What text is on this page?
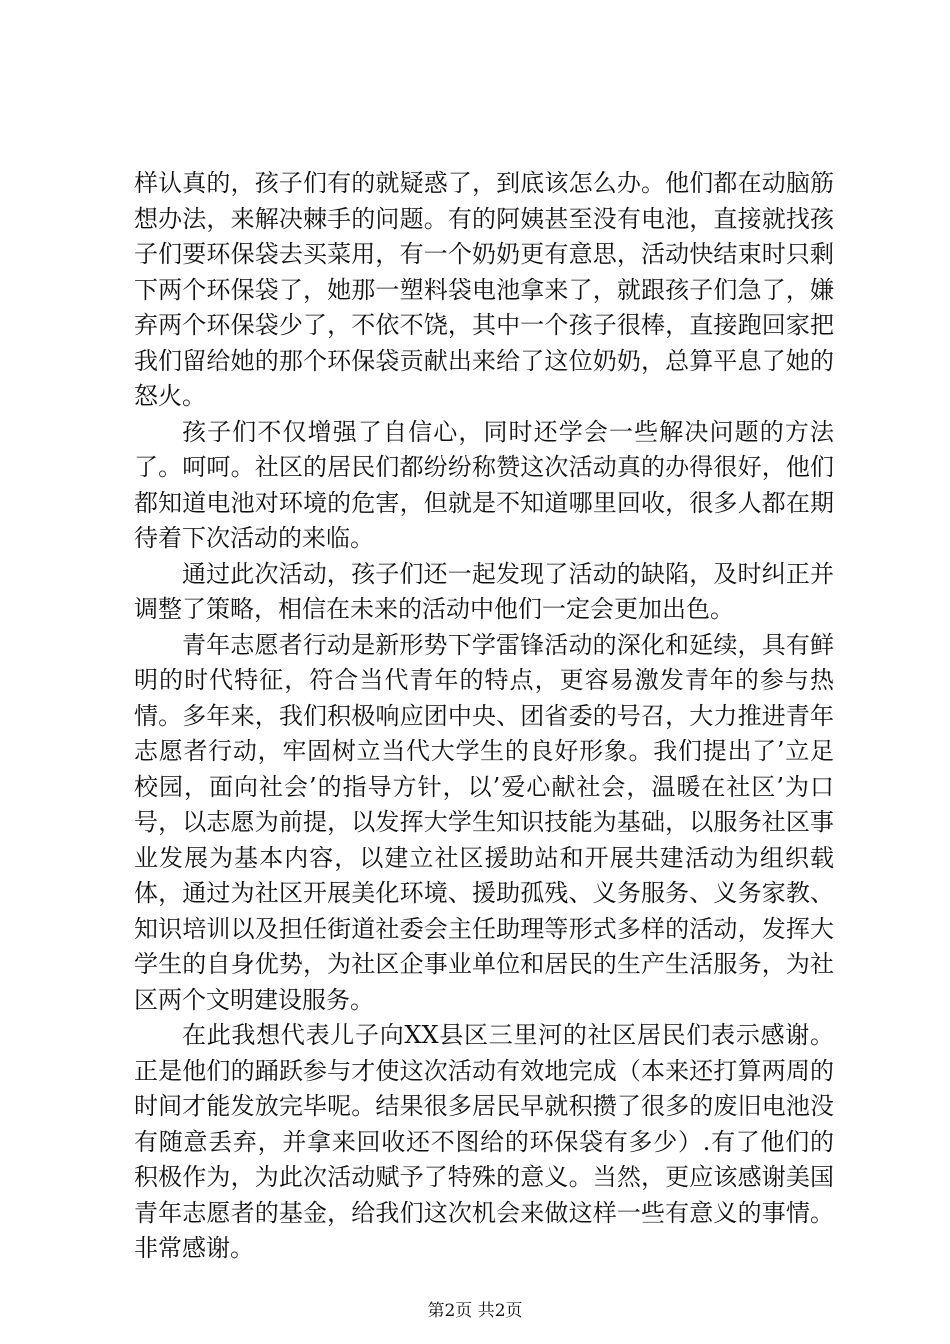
样认真的，孩子们有的就疑惑了，到底该怎么办。他们都在动脑筋想办法，来解决棘手的问题。有的阿姨甚至没有电池，直接就找孩子们要环保袋去买菜用，有一个奶奶更有意思，活动快结束时只剩下两个环保袋了，她那一塑料袋电池拿来了，就跟孩子们急了，嫌弃两个环保袋少了，不依不饶，其中一个孩子很棒，直接跑回家把我们留给她的那个环保袋贡献出来给了这位奶奶，总算平息了她的怒火。

孩子们不仅增强了自信心，同时还学会一些解决问题的方法了。呵呵。社区的居民们都纷纷称赞这次活动真的办得很好，他们都知道电池对环境的危害，但就是不知道哪里回收，很多人都在期待着下次活动的来临。

通过此次活动，孩子们还一起发现了活动的缺陷，及时纠正并调整了策略，相信在未来的活动中他们一定会更加出色。

青年志愿者行动是新形势下学雷锋活动的深化和延续，具有鲜明的时代特征，符合当代青年的特点，更容易激发青年的参与热情。多年来，我们积极响应团中央、团省委的号召，大力推进青年志愿者行动，牢固树立当代大学生的良好形象。我们提出了’立足校园，面向社会’的指导方针，以’爱心献社会，温暖在社区’为口号，以志愿为前提，以发挥大学生知识技能为基础，以服务社区事业发展为基本内容，以建立社区援助站和开展共建活动为组织载体，通过为社区开展美化环境、援助孤残、义务服务、义务家教、知识培训以及担任街道社委会主任助理等形式多样的活动，发挥大学生的自身优势，为社区企事业单位和居民的生产生活服务，为社区两个文明建设服务。

在此我想代表儿子向XX县区三里河的社区居民们表示感谢。正是他们的踊跃参与才使这次活动有效地完成（本来还打算两周的时间才能发放完毕呢。结果很多居民早就积攒了很多的废旧电池没有随意丢弃，并拿来回收还不图给的环保袋有多少）.有了他们的积极作为，为此次活动赋予了特殊的意义。当然，更应该感谢美国青年志愿者的基金，给我们这次机会来做这样一些有意义的事情。非常感谢。

第2页 共2页
